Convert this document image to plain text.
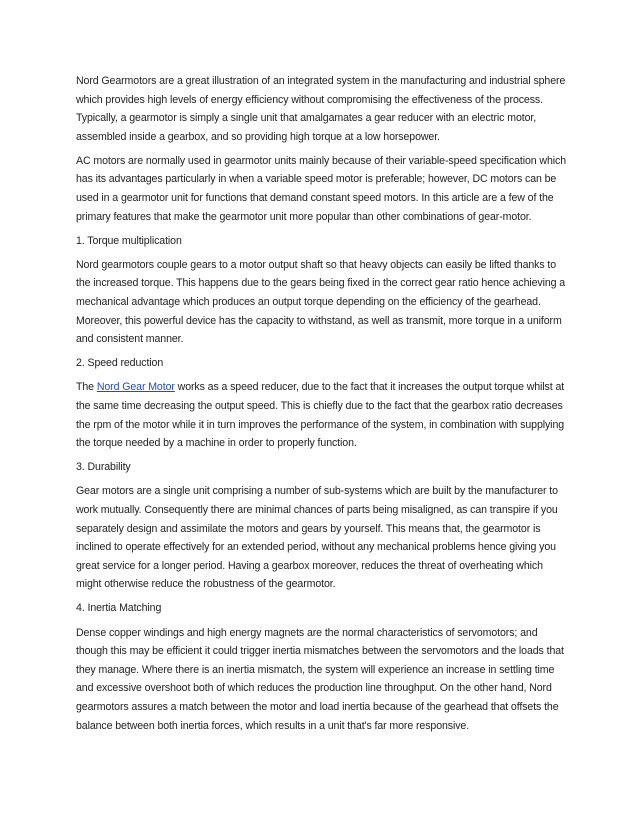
Nord Gearmotors are a great illustration of an integrated system in the manufacturing and industrial sphere which provides high levels of energy efficiency without compromising the effectiveness of the process. Typically, a gearmotor is simply a single unit that amalgamates a gear reducer with an electric motor, assembled inside a gearbox, and so providing high torque at a low horsepower.

AC motors are normally used in gearmotor units mainly because of their variable-speed specification which has its advantages particularly in when a variable speed motor is preferable; however, DC motors can be used in a gearmotor unit for functions that demand constant speed motors. In this article are a few of the primary features that make the gearmotor unit more popular than other combinations of gear-motor.

1. Torque multiplication

Nord gearmotors couple gears to a motor output shaft so that heavy objects can easily be lifted thanks to the increased torque. This happens due to the gears being fixed in the correct gear ratio hence achieving a mechanical advantage which produces an output torque depending on the efficiency of the gearhead. Moreover, this powerful device has the capacity to withstand, as well as transmit, more torque in a uniform and consistent manner.

2. Speed reduction

The Nord Gear Motor works as a speed reducer, due to the fact that it increases the output torque whilst at the same time decreasing the output speed. This is chiefly due to the fact that the gearbox ratio decreases the rpm of the motor while it in turn improves the performance of the system, in combination with supplying the torque needed by a machine in order to properly function.

3. Durability

Gear motors are a single unit comprising a number of sub-systems which are built by the manufacturer to work mutually. Consequently there are minimal chances of parts being misaligned, as can transpire if you separately design and assimilate the motors and gears by yourself. This means that, the gearmotor is inclined to operate effectively for an extended period, without any mechanical problems hence giving you great service for a longer period. Having a gearbox moreover, reduces the threat of overheating which might otherwise reduce the robustness of the gearmotor.

4. Inertia Matching

Dense copper windings and high energy magnets are the normal characteristics of servomotors; and though this may be efficient it could trigger inertia mismatches between the servomotors and the loads that they manage. Where there is an inertia mismatch, the system will experience an increase in settling time and excessive overshoot both of which reduces the production line throughput. On the other hand, Nord gearmotors assures a match between the motor and load inertia because of the gearhead that offsets the balance between both inertia forces, which results in a unit that's far more responsive.
